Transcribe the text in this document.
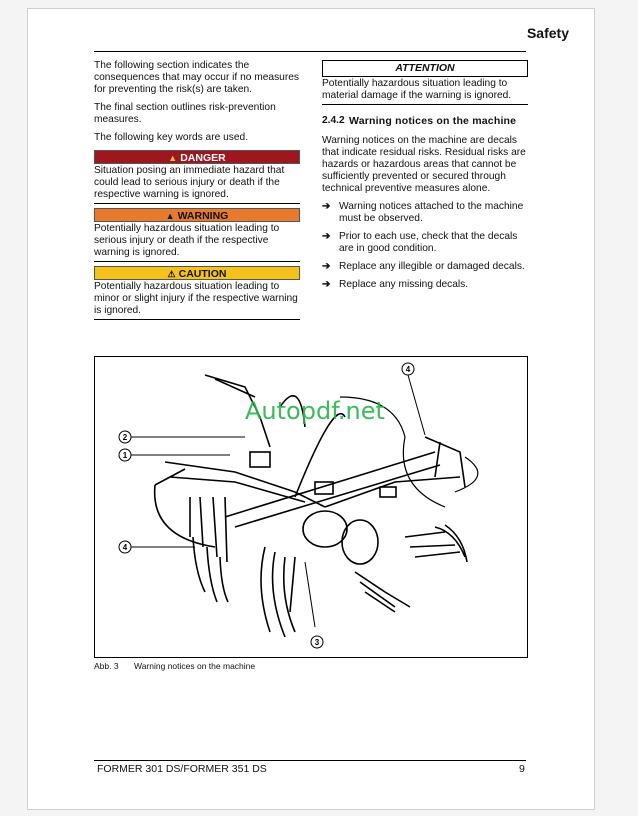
Safety

The following section indicates the consequences that may occur if no measures for preventing the risk(s) are taken.

The final section outlines risk-prevention measures.

The following key words are used.

▲ DANGER
Situation posing an immediate hazard that could lead to serious injury or death if the respective warning is ignored.
▲ WARNING
Potentially hazardous situation leading to serious injury or death if the respective warning is ignored.
⚠ CAUTION
Potentially hazardous situation leading to minor or slight injury if the respective warning is ignored.
ATTENTION
Potentially hazardous situation leading to material damage if the warning is ignored.
2.4.2 Warning notices on the machine

Warning notices on the machine are decals that indicate residual risks. Residual risks are hazards or hazardous areas that cannot be sufficiently prevented or secured through technical preventive measures alone.

➔ Warning notices attached to the machine must be observed.
➔ Prior to each use, check that the decals are in good condition.
➔ Replace any illegible or damaged decals.
➔ Replace any missing decals.
1
2
3
4
4
Autopdf.net
Abb. 3 Warning notices on the machine
FORMER 301 DS/FORMER 351 DS	9
